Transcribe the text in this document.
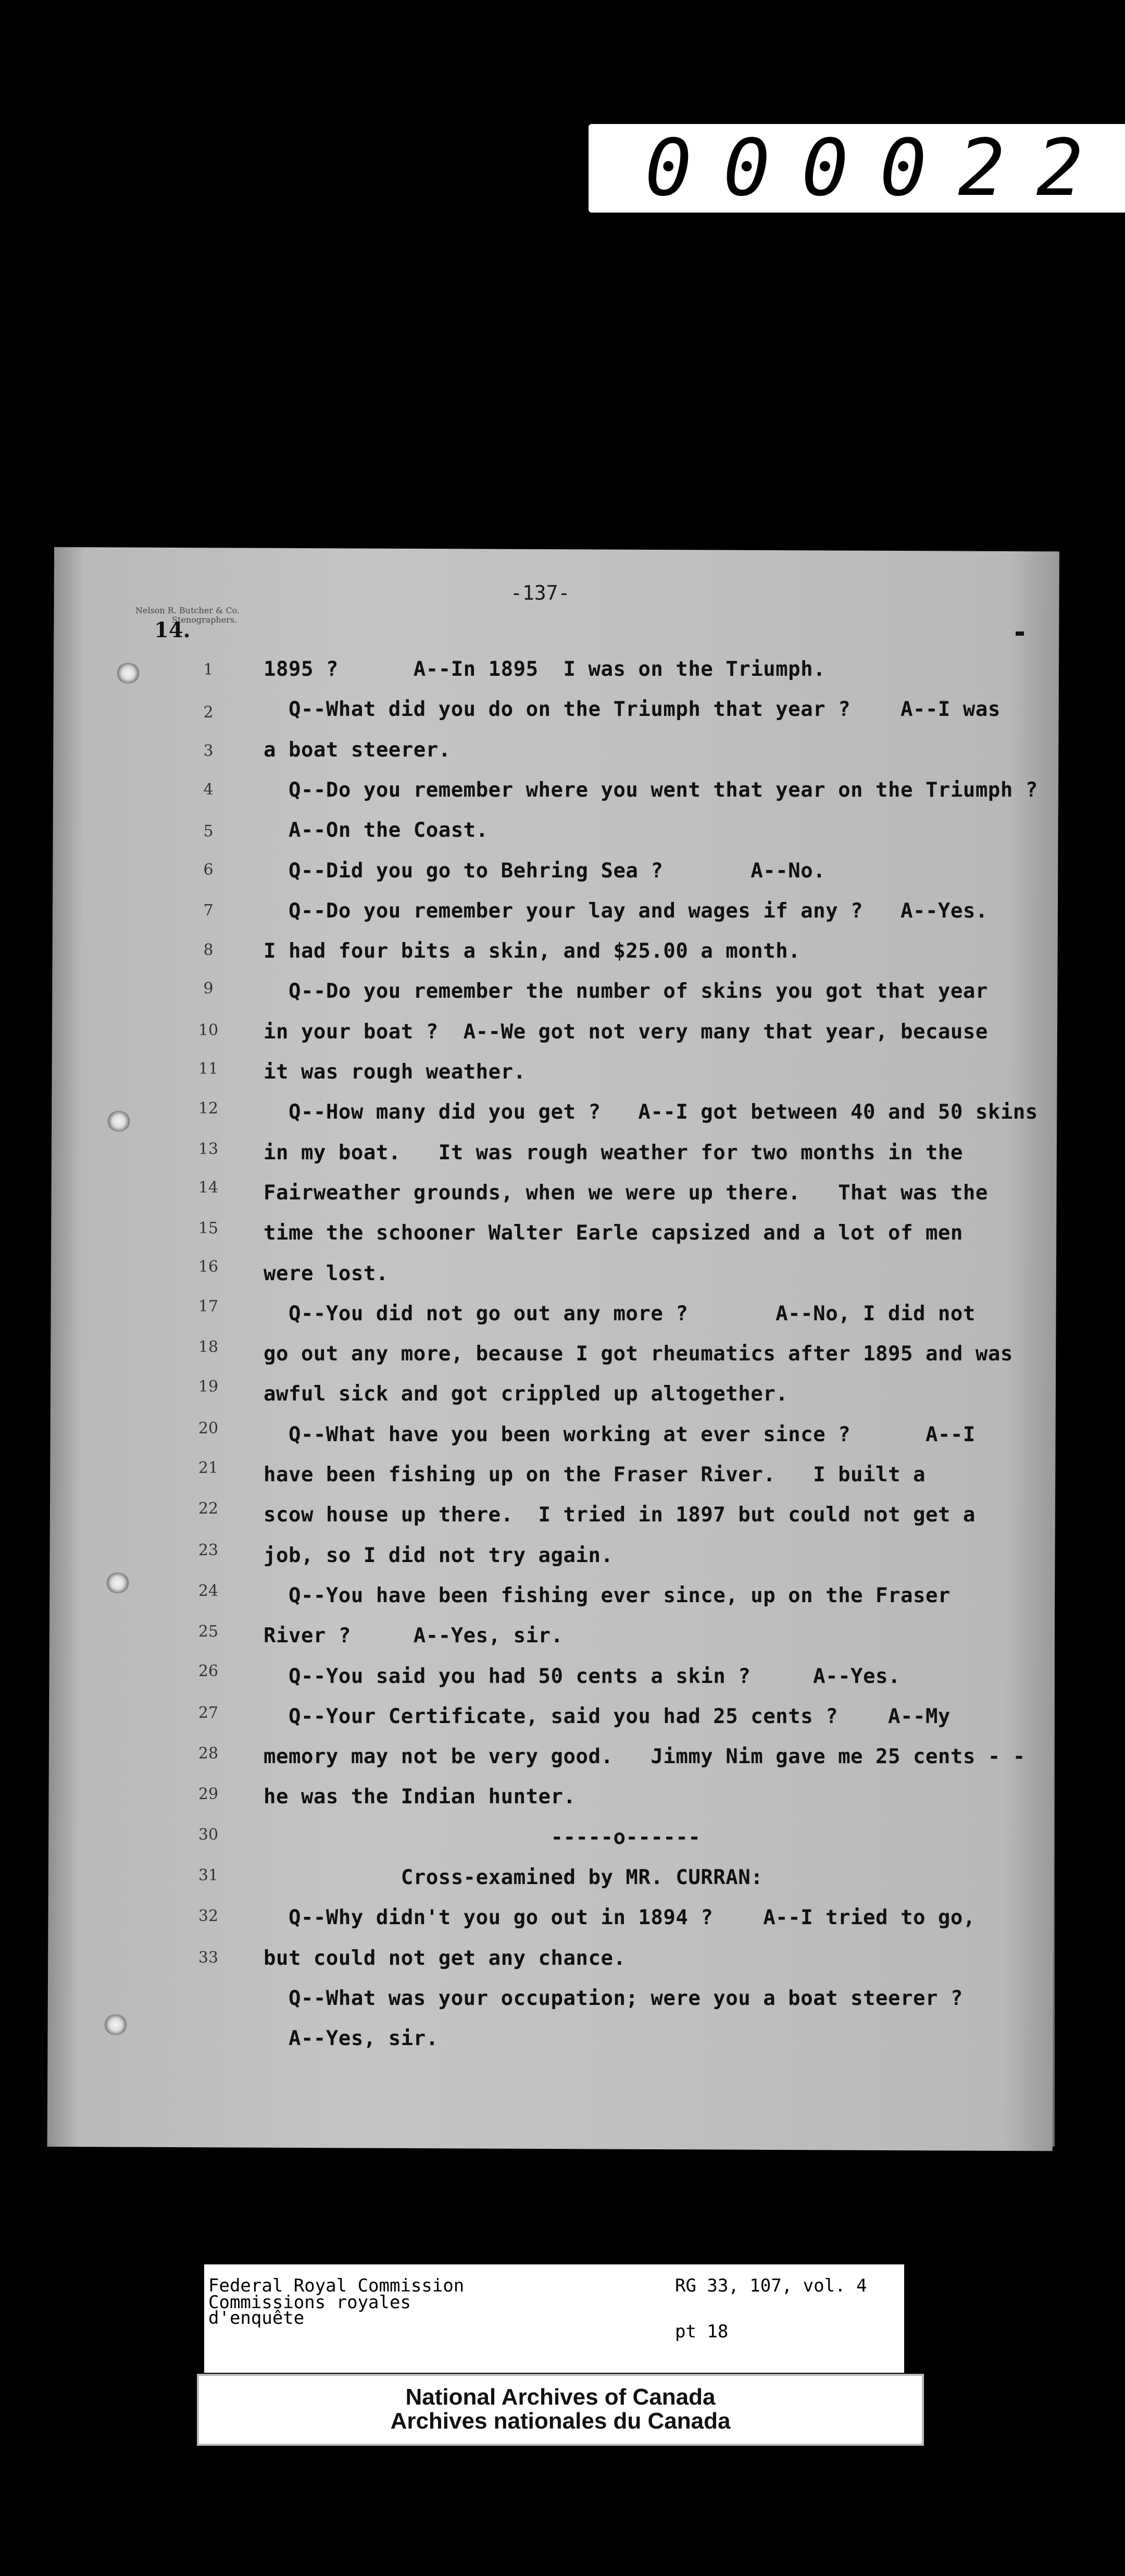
000022
Nelson R. Butcher & Co.
Stenographers.
14.
-137-
1
2
3
4
5
6
7
8
9
10
11
12
13
14
15
16
17
18
19
20
21
22
23
24
25
26
27
28
29
30
31
32
33
1895 ?      A--In 1895  I was on the Triumph.
Q--What did you do on the Triumph that year ?    A--I was
a boat steerer.
Q--Do you remember where you went that year on the Triumph ?
A--On the Coast.
Q--Did you go to Behring Sea ?       A--No.
Q--Do you remember your lay and wages if any ?   A--Yes.
I had four bits a skin, and $25.00 a month.
Q--Do you remember the number of skins you got that year
in your boat ?  A--We got not very many that year, because
it was rough weather.
Q--How many did you get ?   A--I got between 40 and 50 skins
in my boat.   It was rough weather for two months in the
Fairweather grounds, when we were up there.   That was the
time the schooner Walter Earle capsized and a lot of men
were lost.
Q--You did not go out any more ?       A--No, I did not
go out any more, because I got rheumatics after 1895 and was
awful sick and got crippled up altogether.
Q--What have you been working at ever since ?      A--I
have been fishing up on the Fraser River.   I built a
scow house up there.  I tried in 1897 but could not get a
job, so I did not try again.
Q--You have been fishing ever since, up on the Fraser
River ?     A--Yes, sir.
Q--You said you had 50 cents a skin ?     A--Yes.
Q--Your Certificate, said you had 25 cents ?    A--My
memory may not be very good.   Jimmy Nim gave me 25 cents - -
he was the Indian hunter.
-----o------
Cross-examined by MR. CURRAN:
Q--Why didn't you go out in 1894 ?    A--I tried to go,
but could not get any chance.
Q--What was your occupation; were you a boat steerer ?
A--Yes, sir.
Federal Royal Commission
Commissions royales
d'enquête
RG 33, 107, vol. 4
pt 18
National Archives of Canada
Archives nationales du Canada
